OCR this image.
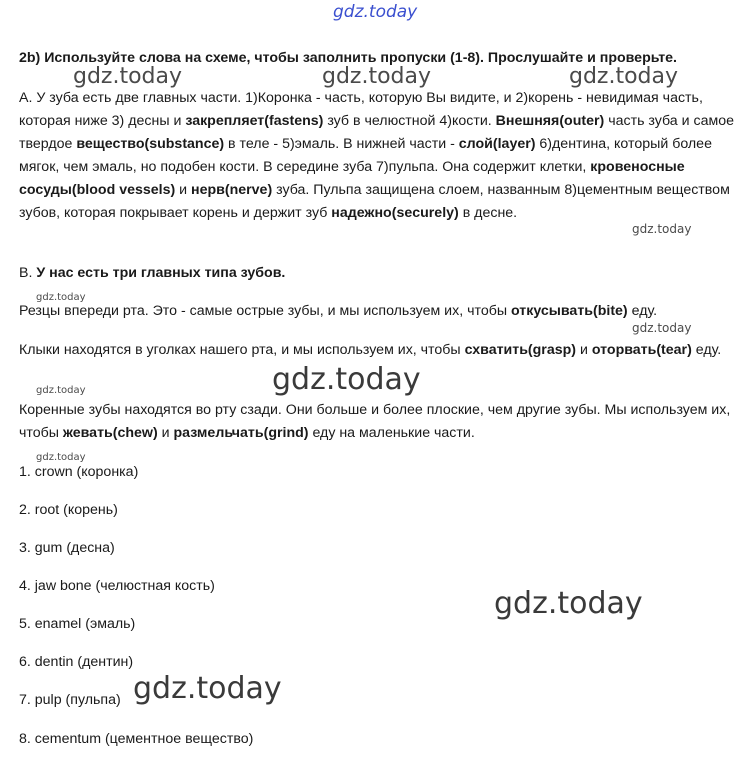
gdz.today
gdz.today	gdz.today	gdz.today
gdz.today
gdz.today
gdz.today
gdz.today
gdz.today
gdz.today
gdz.today
gdz.today
2b) Используйте слова на схеме, чтобы заполнить пропуски (1-8). Прослушайте и проверьте.
A. У зуба есть две главных части. 1)Коронка - часть, которую Вы видите, и 2)корень - невидимая часть, которая ниже 3) десны и закрепляет(fastens) зуб в челюстной 4)кости. Внешняя(outer) часть зуба и самое твердое вещество(substance) в теле - 5)эмаль. В нижней части - слой(layer) 6)дентина, который более мягок, чем эмаль, но подобен кости. В середине зуба 7)пульпа. Она содержит клетки, кровеносные сосуды(blood vessels) и нерв(nerve) зуба. Пульпа защищена слоем, названным 8)цементным веществом зубов, которая покрывает корень и держит зуб надежно(securely) в десне.
B. У нас есть три главных типа зубов.
Резцы впереди рта. Это - самые острые зубы, и мы используем их, чтобы откусывать(bite) еду.
Клыки находятся в уголках нашего рта, и мы используем их, чтобы схватить(grasp) и оторвать(tear) еду.
Коренные зубы находятся во рту сзади. Они больше и более плоские, чем другие зубы. Мы используем их, чтобы жевать(chew) и размельчать(grind) еду на маленькие части.
1. crown (коронка)
2. root (корень)
3. gum (десна)
4. jaw bone (челюстная кость)
5. enamel (эмаль)
6. dentin (дентин)
7. pulp (пульпа)
8. cementum (цементное вещество)
